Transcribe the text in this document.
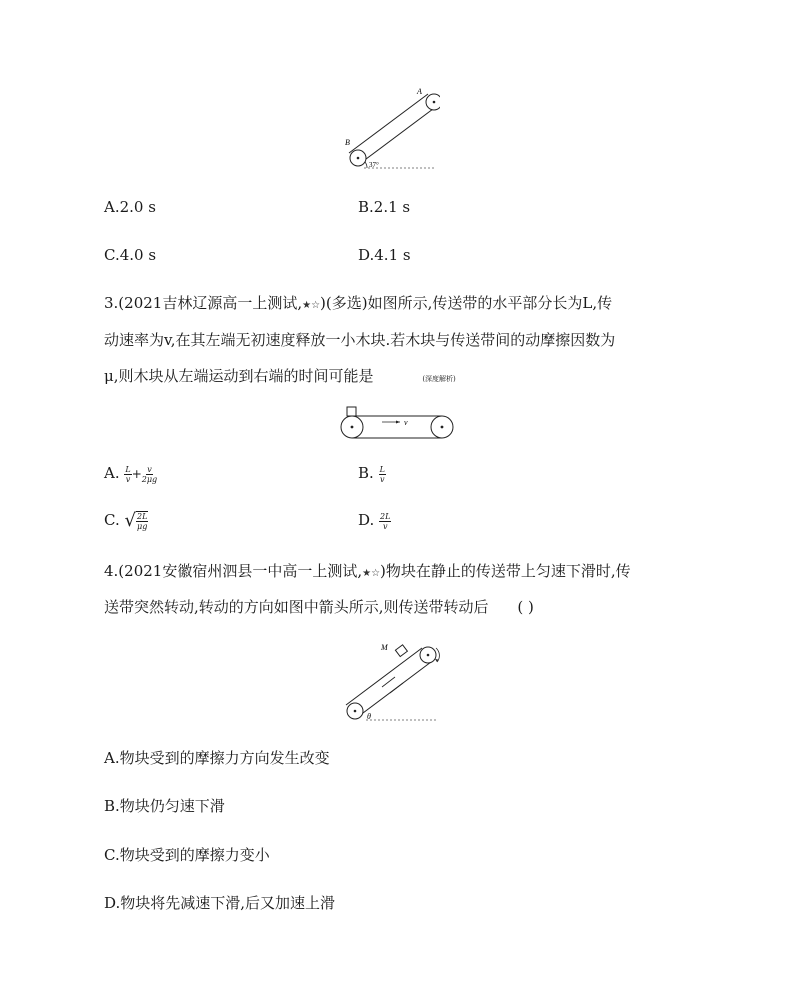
A
B
37°
A.2.0 s	B.2.1 s
C.4.0 s	D.4.1 s
3.(2021吉林辽源高一上测试,★☆)(多选)如图所示,传送带的水平部分长为L,传
动速率为v,在其左端无初速度释放一小木块.若木块与传送带间的动摩擦因数为
μ,则木块从左端运动到右端的时间可能是	(深度解析)
v
A. $\frac{L}{v} + \frac{v}{2\mu g}$	B. $\frac{L}{v}$
C. √ $\frac{2L}{\mu g}$	D. $\frac{2L}{v}$
4.(2021安徽宿州泗县一中高一上测试,★☆)物块在静止的传送带上匀速下滑时,传
送带突然转动,转动的方向如图中箭头所示,则传送带转动后 ( )
M
θ
A.物块受到的摩擦力方向发生改变
B.物块仍匀速下滑
C.物块受到的摩擦力变小
D.物块将先减速下滑,后又加速上滑
